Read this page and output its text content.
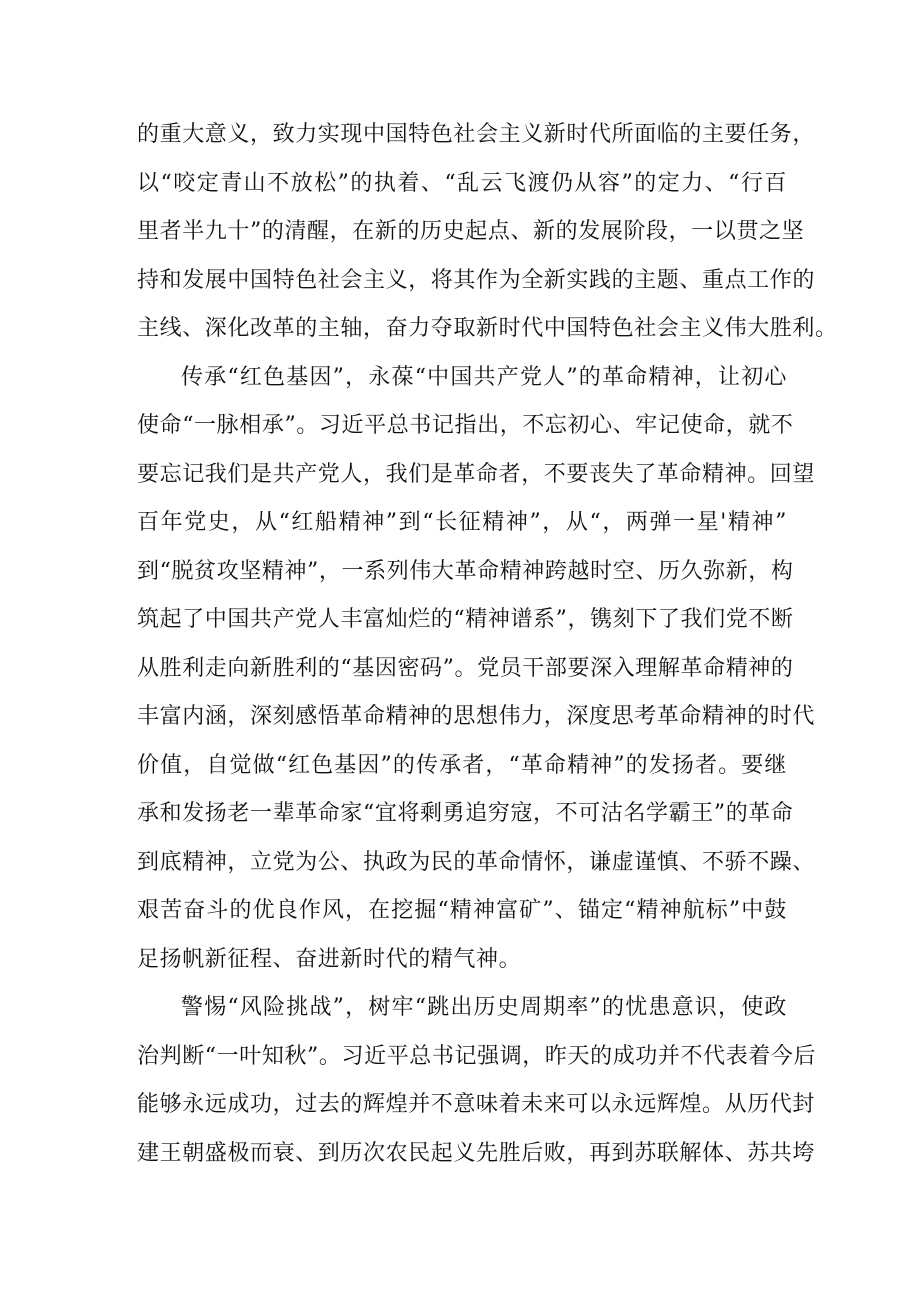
的重大意义，致力实现中国特色社会主义新时代所面临的主要任务，
以“咬定青山不放松”的执着、“乱云飞渡仍从容”的定力、“行百
里者半九十”的清醒，在新的历史起点、新的发展阶段，一以贯之坚
持和发展中国特色社会主义，将其作为全新实践的主题、重点工作的
主线、深化改革的主轴，奋力夺取新时代中国特色社会主义伟大胜利。
传承“红色基因”，永葆“中国共产党人”的革命精神，让初心
使命“一脉相承”。习近平总书记指出，不忘初心、牢记使命，就不
要忘记我们是共产党人，我们是革命者，不要丧失了革命精神。回望
百年党史，从“红船精神”到“长征精神”，从“，两弹一星'精神”
到“脱贫攻坚精神”，一系列伟大革命精神跨越时空、历久弥新，构
筑起了中国共产党人丰富灿烂的“精神谱系”，镌刻下了我们党不断
从胜利走向新胜利的“基因密码”。党员干部要深入理解革命精神的
丰富内涵，深刻感悟革命精神的思想伟力，深度思考革命精神的时代
价值，自觉做“红色基因”的传承者，“革命精神”的发扬者。要继
承和发扬老一辈革命家“宜将剩勇追穷寇，不可沽名学霸王”的革命
到底精神，立党为公、执政为民的革命情怀，谦虚谨慎、不骄不躁、
艰苦奋斗的优良作风，在挖掘“精神富矿”、锚定“精神航标”中鼓
足扬帆新征程、奋进新时代的精气神。
警惕“风险挑战”，树牢“跳出历史周期率”的忧患意识，使政
治判断“一叶知秋”。习近平总书记强调，昨天的成功并不代表着今后
能够永远成功，过去的辉煌并不意味着未来可以永远辉煌。从历代封
建王朝盛极而衰、到历次农民起义先胜后败，再到苏联解体、苏共垮
